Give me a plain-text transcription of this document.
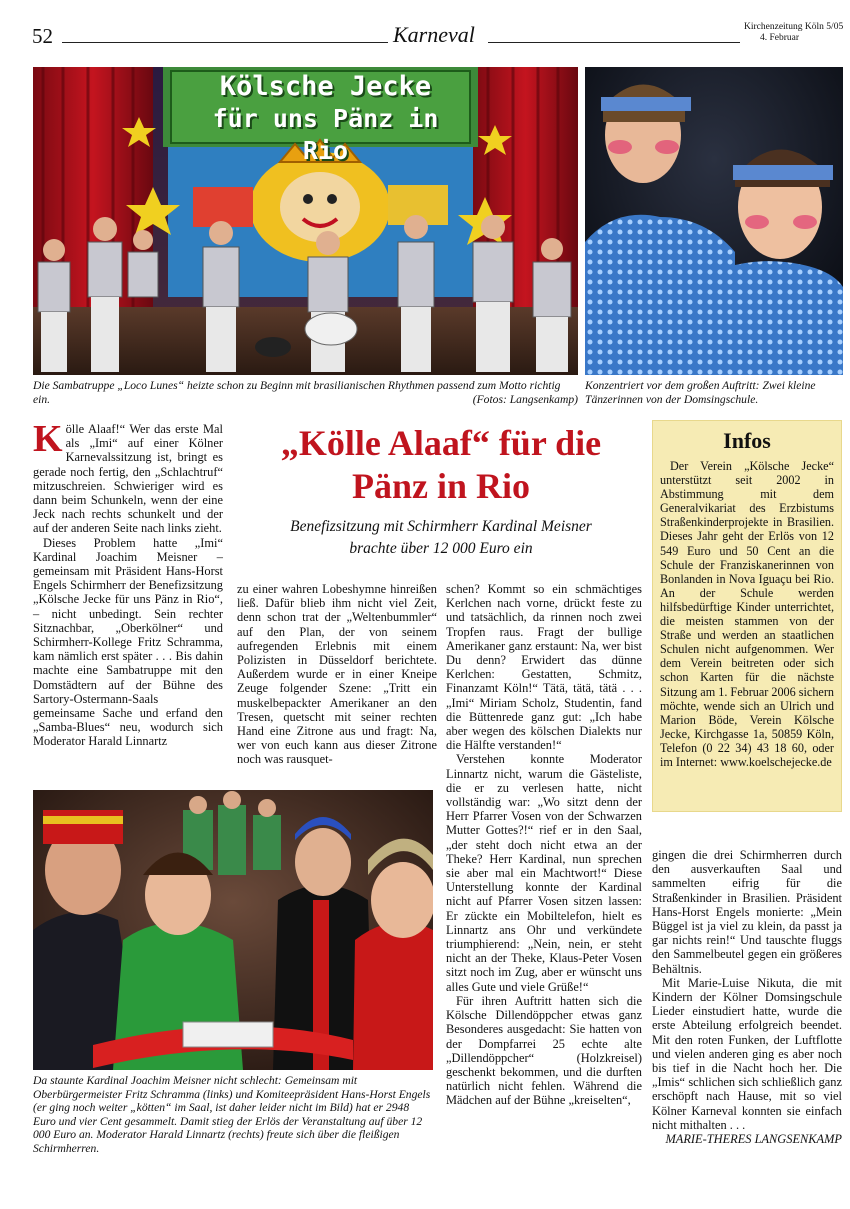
52	Karneval	Kirchenzeitung Köln 5/05
4. Februar
Kölsche Jecke
für uns Pänz in Rio
Die Sambatruppe „Loco Lunes“ heizte schon zu Beginn mit brasilianischen Rhythmen passend zum Motto richtig ein.	(Fotos: Langsenkamp)
Konzentriert vor dem großen Auftritt: Zwei kleine Tänzerinnen von der Domsingschule.

Kölle Alaaf!“ Wer das erste Mal als „Imi“ auf einer Kölner Karnevalssitzung ist, bringt es gerade noch fertig, den „Schlachtruf“ mitzuschreien. Schwieriger wird es dann beim Schunkeln, wenn der eine Jeck nach rechts schunkelt und der auf der anderen Seite nach links zieht.

Dieses Problem hatte „Imi“ Kardinal Joachim Meisner – gemeinsam mit Präsident Hans-Horst Engels Schirmherr der Benefizsitzung „Kölsche Jecke für uns Pänz in Rio“, – nicht unbedingt. Sein rechter Sitznachbar, „Oberkölner“ und Schirmherr-Kollege Fritz Schramma, kam nämlich erst später . . . Bis dahin machte eine Sambatruppe mit den Domstädtern auf der Bühne des Sartory-Ostermann-Saals gemeinsame Sache und erfand den „Samba-Blues“ neu, wodurch sich Moderator Harald Linnartz

„Kölle Alaaf“ für die
Pänz in Rio
Benefizsitzung mit Schirmherr Kardinal Meisner
brachte über 12 000 Euro ein
zu einer wahren Lobeshymne hinreißen ließ. Dafür blieb ihm nicht viel Zeit, denn schon trat der „Weltenbummler“ auf den Plan, der von seinem aufregenden Erlebnis mit einem Polizisten in Düsseldorf berichtete. Außerdem wurde er in einer Kneipe Zeuge folgender Szene: „Tritt ein muskelbepackter Amerikaner an den Tresen, quetscht mit seiner rechten Hand eine Zitrone aus und fragt: Na, wer von euch kann aus dieser Zitrone noch was rausquet-

schen? Kommt so ein schmächtiges Kerlchen nach vorne, drückt feste zu und tatsächlich, da rinnen noch zwei Tropfen raus. Fragt der bullige Amerikaner ganz erstaunt: Na, wer bist Du denn? Erwidert das dünne Kerlchen: Gestatten, Schmitz, Finanzamt Köln!“ Tätä, tätä, tätä . . . „Imi“ Miriam Scholz, Studentin, fand die Büttenrede ganz gut: „Ich habe aber wegen des kölschen Dialekts nur die Hälfte verstanden!“

Verstehen konnte Moderator Linnartz nicht, warum die Gästeliste, die er zu verlesen hatte, nicht vollständig war: „Wo sitzt denn der Herr Pfarrer Vosen von der Schwarzen Mutter Gottes?!“ rief er in den Saal, „der steht doch nicht etwa an der Theke? Herr Kardinal, nun sprechen sie aber mal ein Machtwort!“ Diese Unterstellung konnte der Kardinal nicht auf Pfarrer Vosen sitzen lassen: Er zückte ein Mobiltelefon, hielt es Linnartz ans Ohr und verkündete triumphierend: „Nein, nein, er steht nicht an der Theke, Klaus-Peter Vosen sitzt noch im Zug, aber er wünscht uns alles Gute und viele Grüße!“

Für ihren Auftritt hatten sich die Kölsche Dillendöppcher etwas ganz Besonderes ausgedacht: Sie hatten von der Dompfarrei 25 echte alte „Dillendöppcher“ (Holzkreisel) geschenkt bekommen, und die durften natürlich nicht fehlen. Während die Mädchen auf der Bühne „kreiselten“,

Infos
Der Verein „Kölsche Jecke“ unterstützt seit 2002 in Abstimmung mit dem Generalvikariat des Erzbistums Straßenkinderprojekte in Brasilien. Dieses Jahr geht der Erlös von 12 549 Euro und 50 Cent an die Schule der Franziskanerinnen von Bonlanden in Nova Iguaçu bei Rio. An der Schule werden hilfsbedürftige Kinder unterrichtet, die meisten stammen von der Straße und werden an staatlichen Schulen nicht aufgenommen. Wer dem Verein beitreten oder sich schon Karten für die nächste Sitzung am 1. Februar 2006 sichern möchte, wende sich an Ulrich und Marion Böde, Verein Kölsche Jecke, Kirchgasse 1a, 50859 Köln, Telefon (0 22 34) 43 18 60, oder im Internet: www.koelschejecke.de

gingen die drei Schirmherren durch den ausverkauften Saal und sammelten eifrig für die Straßenkinder in Brasilien. Präsident Hans-Horst Engels monierte: „Mein Büggel ist ja viel zu klein, da passt ja gar nichts rein!“ Und tauschte fluggs den Sammelbeutel gegen ein größeres Behältnis.

Mit Marie-Luise Nikuta, die mit Kindern der Kölner Domsingschule Lieder einstudiert hatte, wurde die erste Abteilung erfolgreich beendet. Mit den roten Funken, der Luftflotte und vielen anderen ging es aber noch bis tief in die Nacht hoch her. Die „Imis“ schlichen sich schließlich ganz erschöpft nach Hause, mit so viel Kölner Karneval konnten sie einfach nicht mithalten . . .

MARIE-THERES LANGSENKAMP

Da staunte Kardinal Joachim Meisner nicht schlecht: Gemeinsam mit Oberbürgermeister Fritz Schramma (links) und Komiteepräsident Hans-Horst Engels (er ging noch weiter „kötten“ im Saal, ist daher leider nicht im Bild) hat er 2948 Euro und vier Cent gesammelt. Damit stieg der Erlös der Veranstaltung auf über 12 000 Euro an. Moderator Harald Linnartz (rechts) freute sich über die fleißigen Schirmherren.
